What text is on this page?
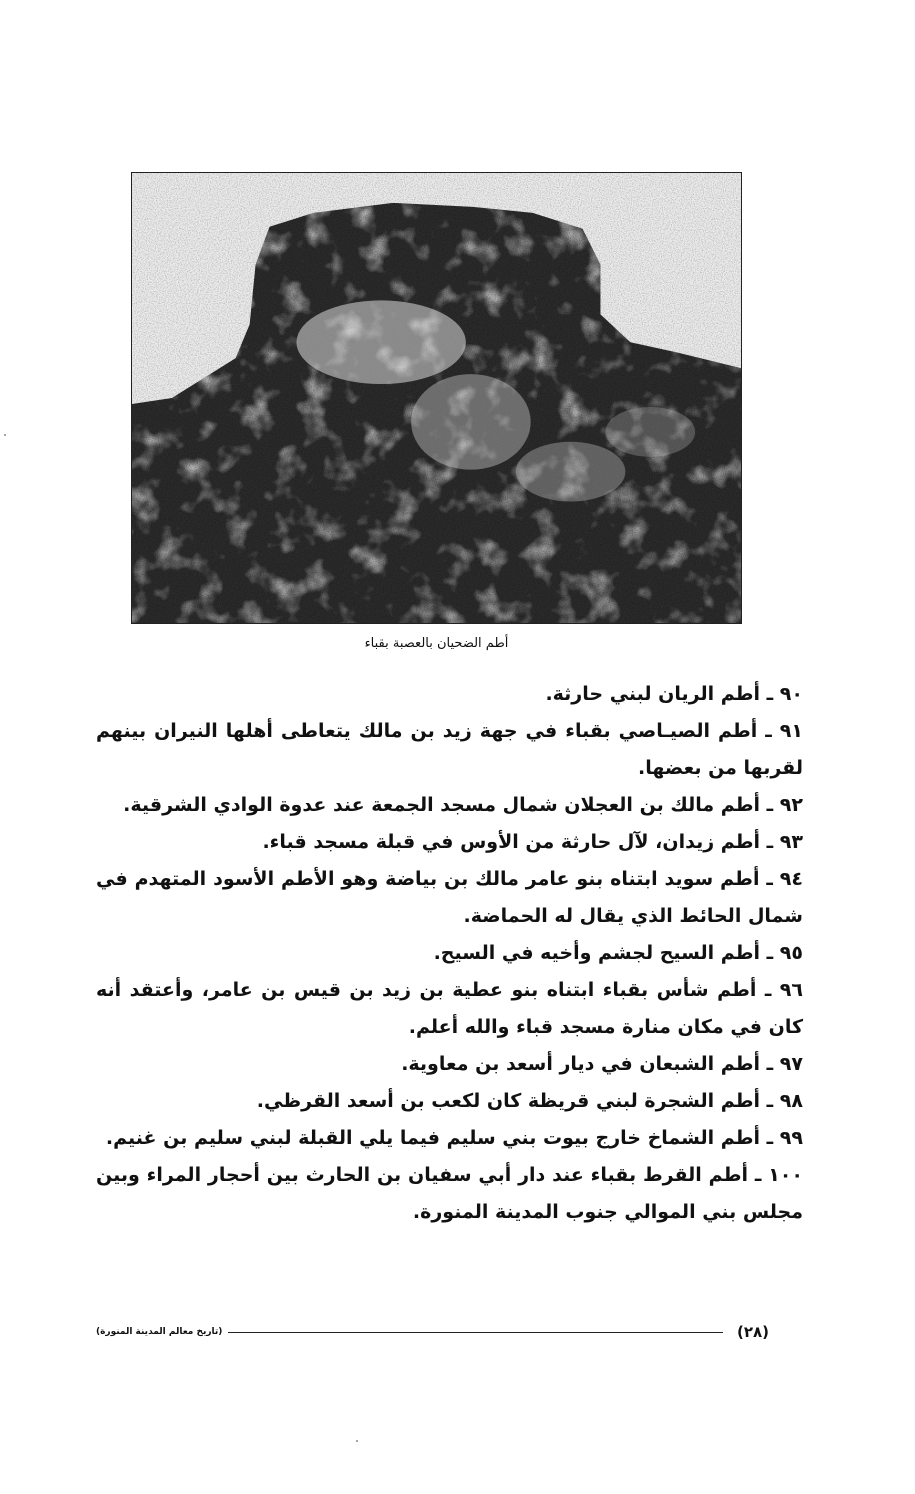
أطم الضحيان بالعصبة بقباء

٩٠ ـ أطم الريان لبني حارثة.

٩١ ـ أطم الصيـاصي بقباء في جهة زيد بن مالك يتعاطى أهلها النيران بينهم لقربها من بعضها.

٩٢ ـ أطم مالك بن العجلان شمال مسجد الجمعة عند عدوة الوادي الشرقية.

٩٣ ـ أطم زيدان، لآل حارثة من الأوس في قبلة مسجد قباء.

٩٤ ـ أطم سويد ابتناه بنو عامر مالك بن بياضة وهو الأطم الأسود المتهدم في شمال الحائط الذي يقال له الحماضة.

٩٥ ـ أطم السيح لجشم وأخيه في السيح.

٩٦ ـ أطم شأس بقباء ابتناه بنو عطية بن زيد بن قيس بن عامر، وأعتقد أنه كان في مكان منارة مسجد قباء والله أعلم.

٩٧ ـ أطم الشبعان في ديار أسعد بن معاوية.

٩٨ ـ أطم الشجرة لبني قريظة كان لكعب بن أسعد القرظي.

٩٩ ـ أطم الشماخ خارج بيوت بني سليم فيما يلي القبلة لبني سليم بن غنيم.

١٠٠ ـ أطم القرط بقباء عند دار أبي سفيان بن الحارث بين أحجار المراء وبين مجلس بني الموالي جنوب المدينة المنورة.

(٢٨)
(تاريخ معالم المدينة المنورة)
